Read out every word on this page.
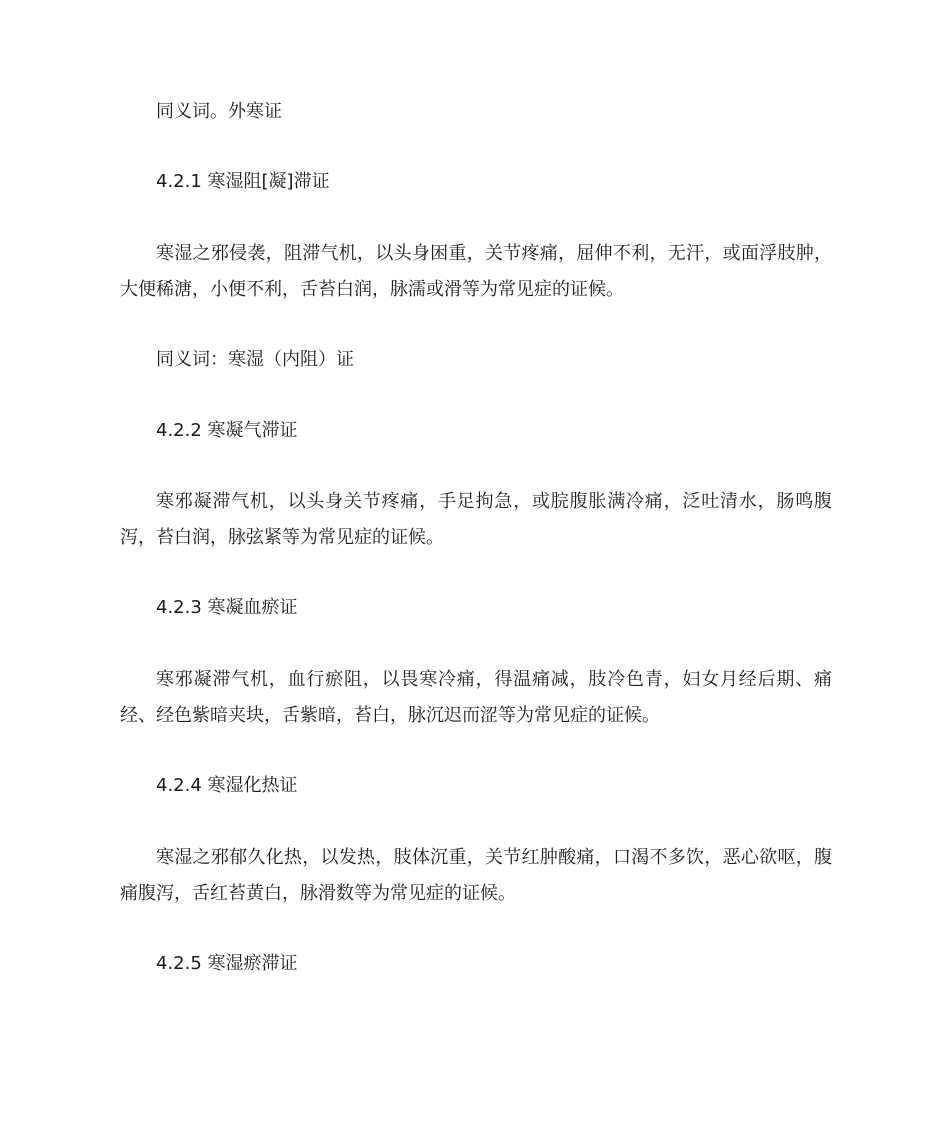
同义词。外寒证

4.2.1 寒湿阻[凝]滞证

寒湿之邪侵袭，阻滞气机，以头身困重，关节疼痛，屈伸不利，无汗，或面浮肢肿，大便稀溏，小便不利，舌苔白润，脉濡或滑等为常见症的证候。

同义词：寒湿（内阻）证

4.2.2 寒凝气滞证

寒邪凝滞气机，以头身关节疼痛，手足拘急，或脘腹胀满冷痛，泛吐清水，肠鸣腹泻，苔白润，脉弦紧等为常见症的证候。

4.2.3 寒凝血瘀证

寒邪凝滞气机，血行瘀阻，以畏寒冷痛，得温痛减，肢冷色青，妇女月经后期、痛经、经色紫暗夹块，舌紫暗，苔白，脉沉迟而涩等为常见症的证候。

4.2.4 寒湿化热证

寒湿之邪郁久化热，以发热，肢体沉重，关节红肿酸痛，口渴不多饮，恶心欲呕，腹痛腹泻，舌红苔黄白，脉滑数等为常见症的证候。

4.2.5 寒湿瘀滞证
